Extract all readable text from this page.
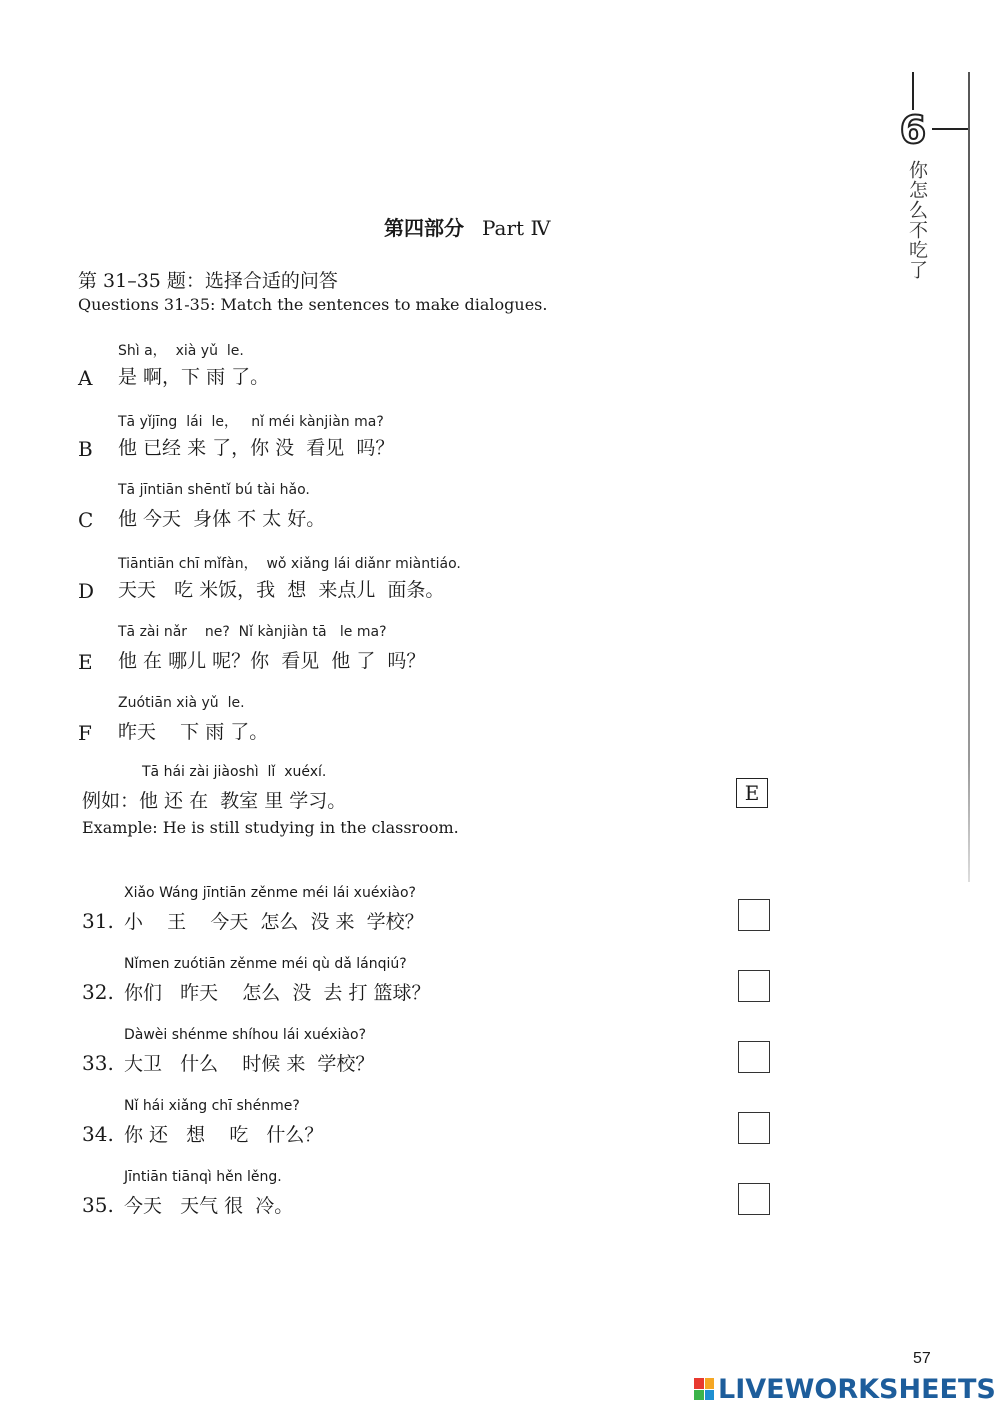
6
你怎么不吃了
第四部分 Part Ⅳ
第 31–35 题：选择合适的问答
Questions 31-35: Match the sentences to make dialogues.
Shì a，  xià yǔ  le.
A 是 啊，下 雨 了。
Tā yǐjīng  lái  le，   nǐ méi kànjiàn ma?
B 他 已经 来 了，你 没  看见  吗？
Tā jīntiān shēntǐ bú tài hǎo.
C 他 今天  身体 不 太 好。
Tiāntiān chī mǐfàn，  wǒ xiǎng lái diǎnr miàntiáo.
D 天天   吃 米饭，我  想  来点儿  面条。
Tā zài nǎr    ne?  Nǐ kànjiàn tā   le ma?
E 他 在 哪儿 呢？你  看见  他 了  吗？
Zuótiān xià yǔ  le.
F 昨天    下 雨 了。
Tā hái zài jiàoshì  lǐ  xuéxí.
例如：他 还 在  教室 里 学习。
Example: He is still studying in the classroom.
E
Xiǎo Wáng jīntiān zěnme méi lái xuéxiào?
31. 小    王    今天  怎么  没 来  学校？
Nǐmen zuótiān zěnme méi qù dǎ lánqiú?
32. 你们   昨天    怎么  没  去 打 篮球？
Dàwèi shénme shíhou lái xuéxiào?
33. 大卫   什么    时候 来  学校？
Nǐ hái xiǎng chī shénme?
34. 你 还   想    吃   什么？
Jīntiān tiānqì hěn lěng.
35. 今天   天气 很  冷。
57
LIVEWORKSHEETS
